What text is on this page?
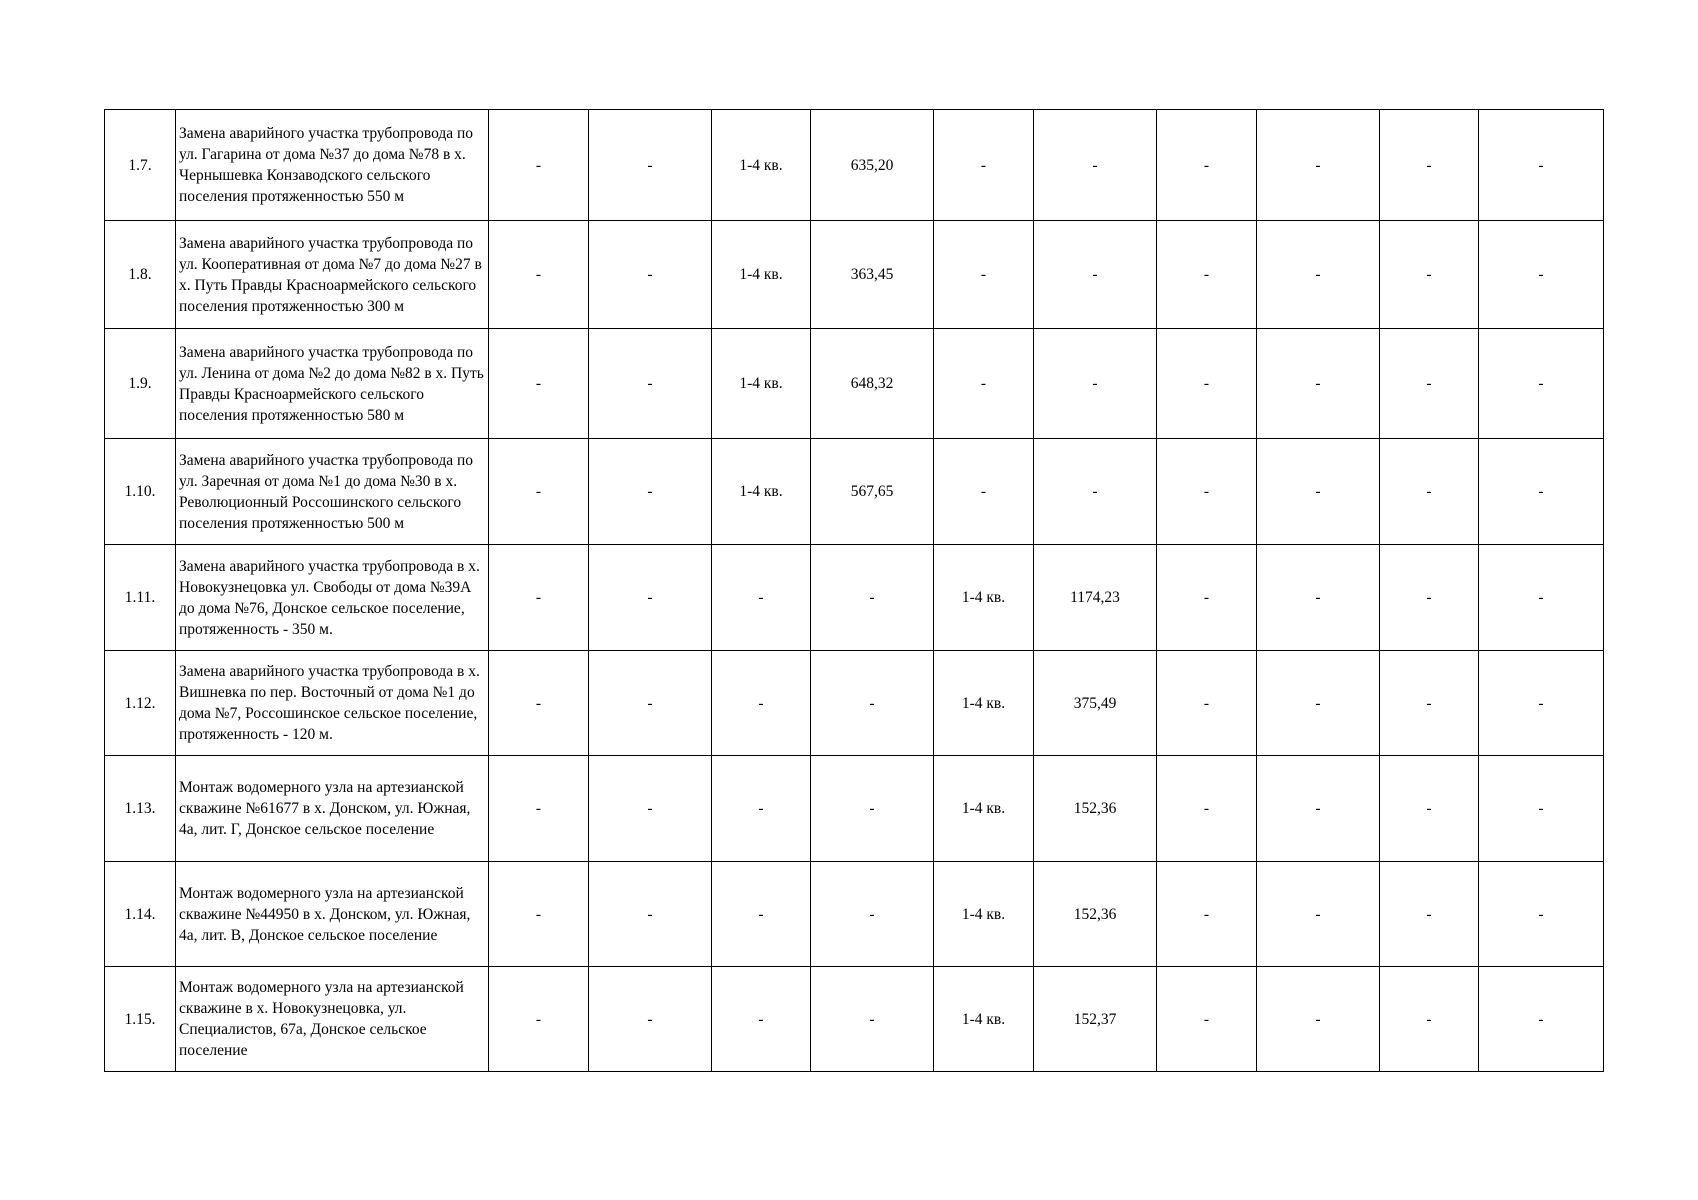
1.7.	Замена аварийного участка трубопровода по ул. Гагарина от дома №37 до дома №78 в х. Чернышевка Конзаводского сельского поселения протяженностью 550 м	-	-	1-4 кв.	635,20	-	-	-	-	-	-
1.8.	Замена аварийного участка трубопровода по ул. Кооперативная от дома №7 до дома №27 в х. Путь Правды Красноармейского сельского поселения протяженностью 300 м	-	-	1-4 кв.	363,45	-	-	-	-	-	-
1.9.	Замена аварийного участка трубопровода по ул. Ленина от дома №2 до дома №82 в х. Путь Правды Красноармейского сельского поселения протяженностью 580 м	-	-	1-4 кв.	648,32	-	-	-	-	-	-
1.10.	Замена аварийного участка трубопровода по ул. Заречная от дома №1 до дома №30 в х. Революционный Россошинского сельского поселения протяженностью 500 м	-	-	1-4 кв.	567,65	-	-	-	-	-	-
1.11.	Замена аварийного участка трубопровода в х. Новокузнецовка ул. Свободы от дома №39А до дома №76, Донское сельское поселение, протяженность - 350 м.	-	-	-	-	1-4 кв.	1174,23	-	-	-	-
1.12.	Замена аварийного участка трубопровода в х. Вишневка по пер. Восточный от дома №1 до дома №7, Россошинское сельское поселение, протяженность - 120 м.	-	-	-	-	1-4 кв.	375,49	-	-	-	-
1.13.	Монтаж водомерного узла на артезианской скважине №61677 в х. Донском, ул. Южная, 4а, лит. Г, Донское сельское поселение	-	-	-	-	1-4 кв.	152,36	-	-	-	-
1.14.	Монтаж водомерного узла на артезианской скважине №44950 в х. Донском, ул. Южная, 4а, лит. В, Донское сельское поселение	-	-	-	-	1-4 кв.	152,36	-	-	-	-
1.15.	Монтаж водомерного узла на артезианской скважине в х. Новокузнецовка, ул. Специалистов, 67а, Донское сельское поселение	-	-	-	-	1-4 кв.	152,37	-	-	-	-
